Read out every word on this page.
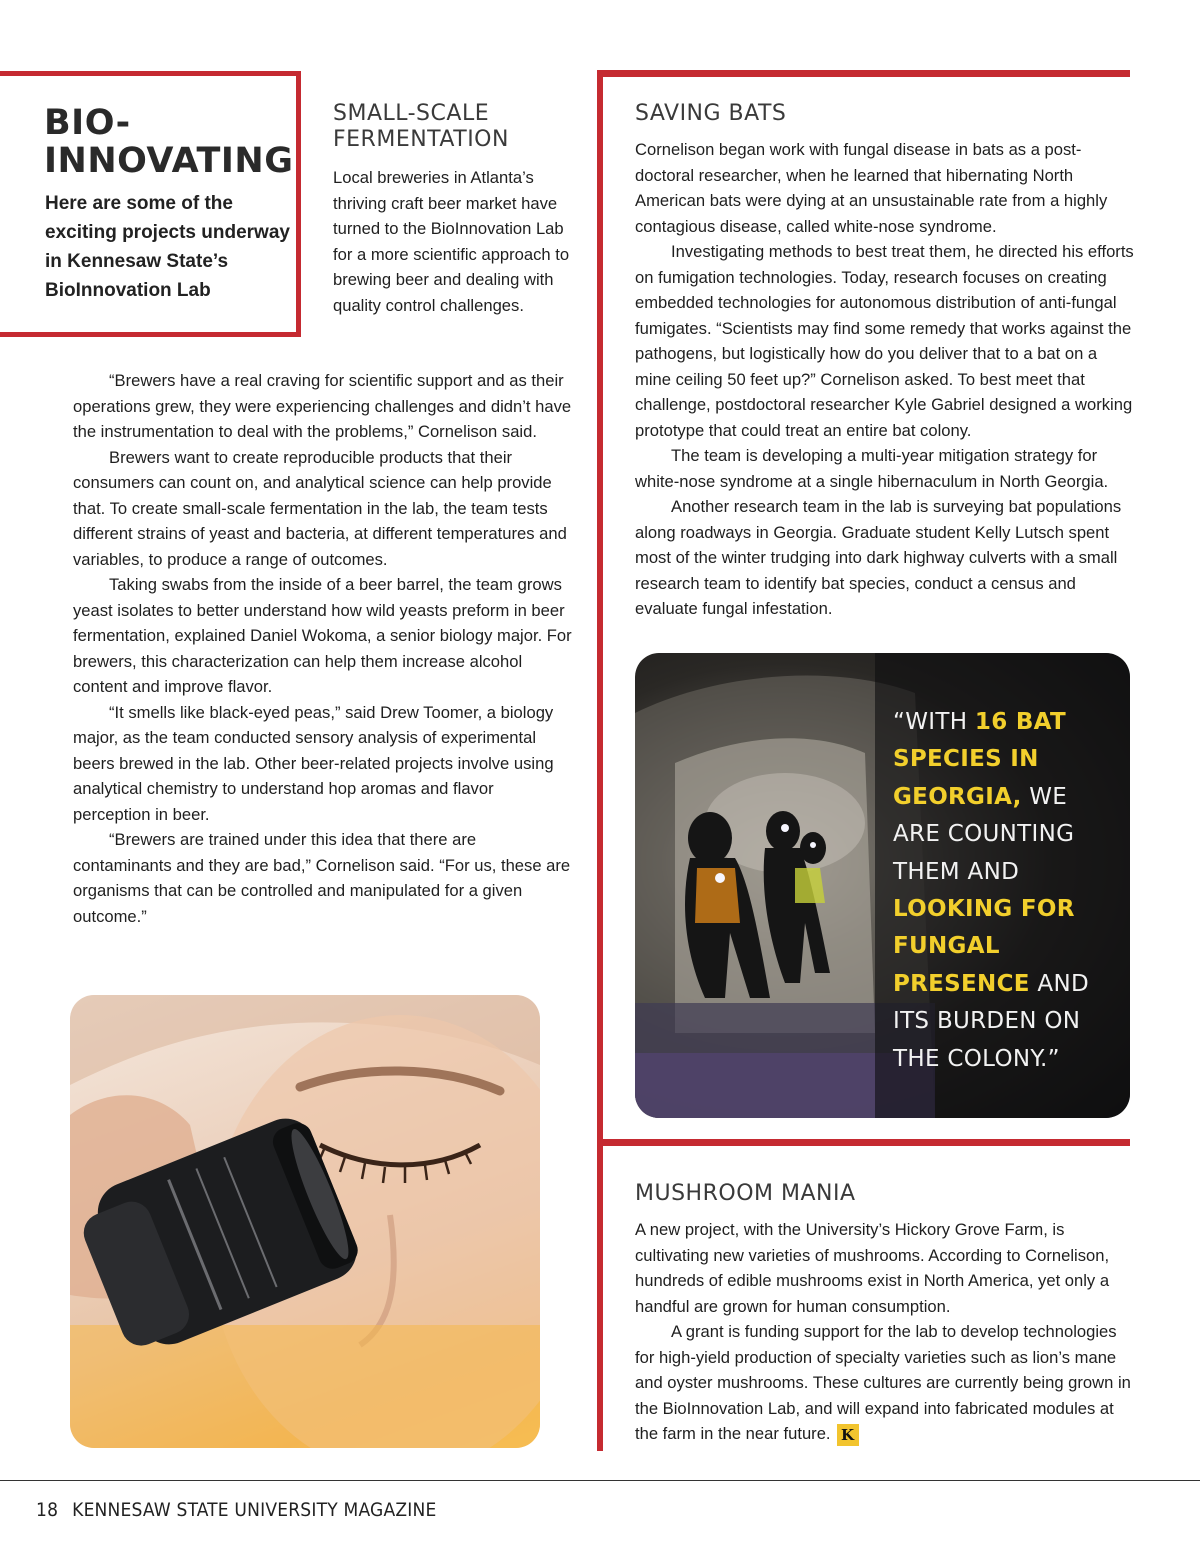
BIO-
INNOVATING
Here are some of the exciting projects underway in Kennesaw State’s BioInnovation Lab
SMALL-SCALE
FERMENTATION

Local breweries in Atlanta’s thriving craft beer market have turned to the BioInnovation Lab for a more scientific approach to brewing beer and dealing with quality control challenges.

“Brewers have a real craving for scientific support and as their operations grew, they were experiencing challenges and didn’t have the instrumentation to deal with the problems,” Cornelison said.

Brewers want to create reproducible products that their consumers can count on, and analytical science can help provide that. To create small-scale fermentation in the lab, the team tests different strains of yeast and bacteria, at different temperatures and variables, to produce a range of outcomes.

Taking swabs from the inside of a beer barrel, the team grows yeast isolates to better understand how wild yeasts preform in beer fermentation, explained Daniel Wokoma, a senior biology major. For brewers, this characterization can help them increase alcohol content and improve flavor.

“It smells like black-eyed peas,” said Drew Toomer, a biology major, as the team conducted sensory analysis of experimental beers brewed in the lab. Other beer-related projects involve using analytical chemistry to understand hop aromas and flavor perception in beer.

“Brewers are trained under this idea that there are contaminants and they are bad,” Cornelison said. “For us, these are organisms that can be controlled and manipulated for a given outcome.”

SAVING BATS

Cornelison began work with fungal disease in bats as a post-doctoral researcher, when he learned that hibernating North American bats were dying at an unsustainable rate from a highly contagious disease, called white-nose syndrome.

Investigating methods to best treat them, he directed his efforts on fumigation technologies. Today, research focuses on creating embedded technologies for autonomous distribution of anti-fungal fumigates. “Scientists may find some remedy that works against the pathogens, but logistically how do you deliver that to a bat on a mine ceiling 50 feet up?” Cornelison asked. To best meet that challenge, postdoctoral researcher Kyle Gabriel designed a working prototype that could treat an entire bat colony.

The team is developing a multi-year mitigation strategy for white-nose syndrome at a single hibernaculum in North Georgia.

Another research team in the lab is surveying bat populations along roadways in Georgia. Graduate student Kelly Lutsch spent most of the winter trudging into dark highway culverts with a small research team to identify bat species, conduct a census and evaluate fungal infestation.

“WITH 16 BAT SPECIES IN GEORGIA, WE ARE COUNTING THEM AND LOOKING FOR FUNGAL PRESENCE AND ITS BURDEN ON THE COLONY.”
MUSHROOM MANIA

A new project, with the University’s Hickory Grove Farm, is cultivating new varieties of mushrooms. According to Cornelison, hundreds of edible mushrooms exist in North America, yet only a handful are grown for human consumption.

A grant is funding support for the lab to develop technologies for high-yield production of specialty varieties such as lion’s mane and oyster mushrooms. These cultures are currently being grown in the BioInnovation Lab, and will expand into fabricated modules at the farm in the near future. K

18 KENNESAW STATE UNIVERSITY MAGAZINE
